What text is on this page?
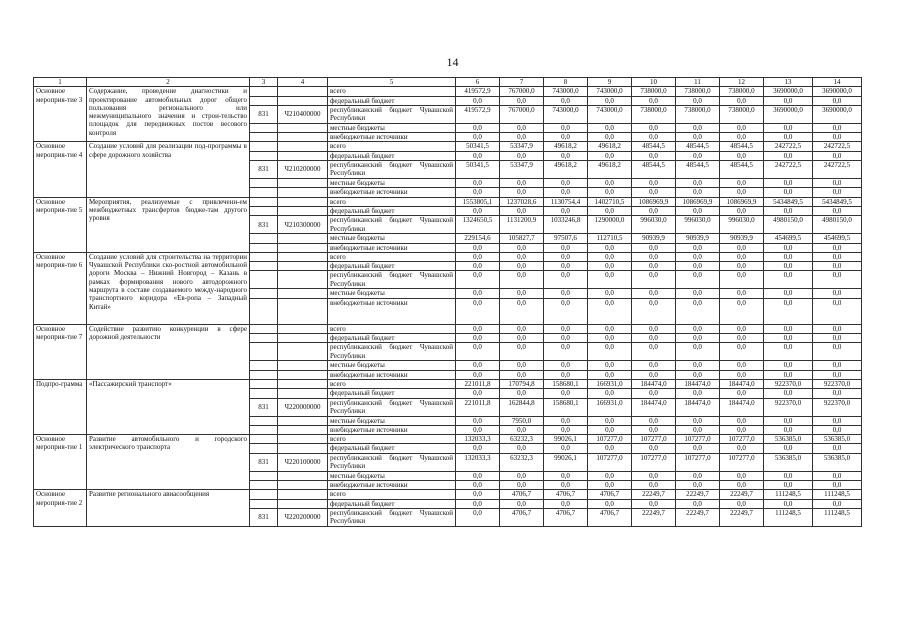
14
1	2	3	4	5	6	7	8	9	10	11	12	13	14
Основное мероприя-тие 3	Содержание, проведение диагностики и проектирование автомобильных дорог общего пользования регионального или межмуниципального значения и строи-тельство площадок для передвижных постов весового контроля			всего	419572,9	767000,0	743000,0	743000,0	738000,0	738000,0	738000,0	3690000,0	3690000,0
				федеральный бюджет	0,0	0,0	0,0	0,0	0,0	0,0	0,0	0,0	0,0
		831	Ч210400000	республиканский бюджет Чувашской Республики	419572,9	767000,0	743000,0	743000,0	738000,0	738000,0	738000,0	3690000,0	3690000,0
				местные бюджеты	0,0	0,0	0,0	0,0	0,0	0,0	0,0	0,0	0,0
				внебюджетные источники	0,0	0,0	0,0	0,0	0,0	0,0	0,0	0,0	0,0
Основное мероприя-тие 4	Создание условий для реализации под-программы в сфере дорожного хозяйства			всего	50341,5	53347,9	49618,2	49618,2	48544,5	48544,5	48544,5	242722,5	242722,5
				федеральный бюджет	0,0	0,0	0,0	0,0	0,0	0,0	0,0	0,0	0,0
		831	Ч210200000	республиканский бюджет Чувашской Республики	50341,5	53347,9	49618,2	49618,2	48544,5	48544,5	48544,5	242722,5	242722,5
				местные бюджеты	0,0	0,0	0,0	0,0	0,0	0,0	0,0	0,0	0,0
				внебюджетные источники	0,0	0,0	0,0	0,0	0,0	0,0	0,0	0,0	0,0
Основное мероприя-тие 5	Мероприятия, реализуемые с привлечени-ем межбюджетных трансфертов бюдже-там другого уровня			всего	1553805,1	1237028,6	1130754,4	1402710,5	1086969,9	1086969,9	1086969,9	5434849,5	5434849,5
				федеральный бюджет	0,0	0,0	0,0	0,0	0,0	0,0	0,0	0,0	0,0
		831	Ч210300000	республиканский бюджет Чувашской Республики	1324650,5	1131200,9	1033246,8	1290000,0	996030,0	996030,0	996030,0	4980150,0	4980150,0
				местные бюджеты	229154,6	105827,7	97507,6	112710,5	90939,9	90939,9	90939,9	454699,5	454699,5
				внебюджетные источники	0,0	0,0	0,0	0,0	0,0	0,0	0,0	0,0	0,0
Основное мероприя-тие 6	Создание условий для строительства на территории Чувашской Республики ско-ростной автомобильной дороги Москва – Нижний Новгород – Казань в рамках формирования нового автодорожного маршрута в составе создаваемого между-народного транспортного коридора «Ев-ропа – Западный Китай»			всего	0,0	0,0	0,0	0,0	0,0	0,0	0,0	0,0	0,0
				федеральный бюджет	0,0	0,0	0,0	0,0	0,0	0,0	0,0	0,0	0,0
				республиканский бюджет Чувашской Республики	0,0	0,0	0,0	0,0	0,0	0,0	0,0	0,0	0,0
				местные бюджеты	0,0	0,0	0,0	0,0	0,0	0,0	0,0	0,0	0,0
				внебюджетные источники	0,0	0,0	0,0	0,0	0,0	0,0	0,0	0,0	0,0
Основное мероприя-тие 7	Содействие развитию конкуренции в сфере дорожной деятельности			всего	0,0	0,0	0,0	0,0	0,0	0,0	0,0	0,0	0,0
				федеральный бюджет	0,0	0,0	0,0	0,0	0,0	0,0	0,0	0,0	0,0
				республиканский бюджет Чувашской Республики	0,0	0,0	0,0	0,0	0,0	0,0	0,0	0,0	0,0
				местные бюджеты	0,0	0,0	0,0	0,0	0,0	0,0	0,0	0,0	0,0
				внебюджетные источники	0,0	0,0	0,0	0,0	0,0	0,0	0,0	0,0	0,0
Подпро-грамма	«Пассажирский транспорт»			всего	221011,8	170794,8	158680,1	166931,0	184474,0	184474,0	184474,0	922370,0	922370,0
				федеральный бюджет	0,0	0,0	0,0	0,0	0,0	0,0	0,0	0,0	0,0
		831	Ч220000000	республиканский бюджет Чувашской Республики	221011,8	162844,8	158680,1	166931,0	184474,0	184474,0	184474,0	922370,0	922370,0
				местные бюджеты	0,0	7950,0	0,0	0,0	0,0	0,0	0,0	0,0	0,0
				внебюджетные источники	0,0	0,0	0,0	0,0	0,0	0,0	0,0	0,0	0,0
Основное мероприя-тие 1	Развитие автомобильного и городского электрического транспорта			всего	132033,3	63232,3	99026,1	107277,0	107277,0	107277,0	107277,0	536385,0	536385,0
				федеральный бюджет	0,0	0,0	0,0	0,0	0,0	0,0	0,0	0,0	0,0
		831	Ч220100000	республиканский бюджет Чувашской Республики	132033,3	63232,3	99026,1	107277,0	107277,0	107277,0	107277,0	536385,0	536385,0
				местные бюджеты	0,0	0,0	0,0	0,0	0,0	0,0	0,0	0,0	0,0
				внебюджетные источники	0,0	0,0	0,0	0,0	0,0	0,0	0,0	0,0	0,0
Основное мероприя-тие 2	Развитие регионального авиасообщения			всего	0,0	4706,7	4706,7	4706,7	22249,7	22249,7	22249,7	111248,5	111248,5
				федеральный бюджет	0,0	0,0	0,0	0,0	0,0	0,0	0,0	0,0	0,0
		831	Ч220200000	республиканский бюджет Чувашской Республики	0,0	4706,7	4706,7	4706,7	22249,7	22249,7	22249,7	111248,5	111248,5
